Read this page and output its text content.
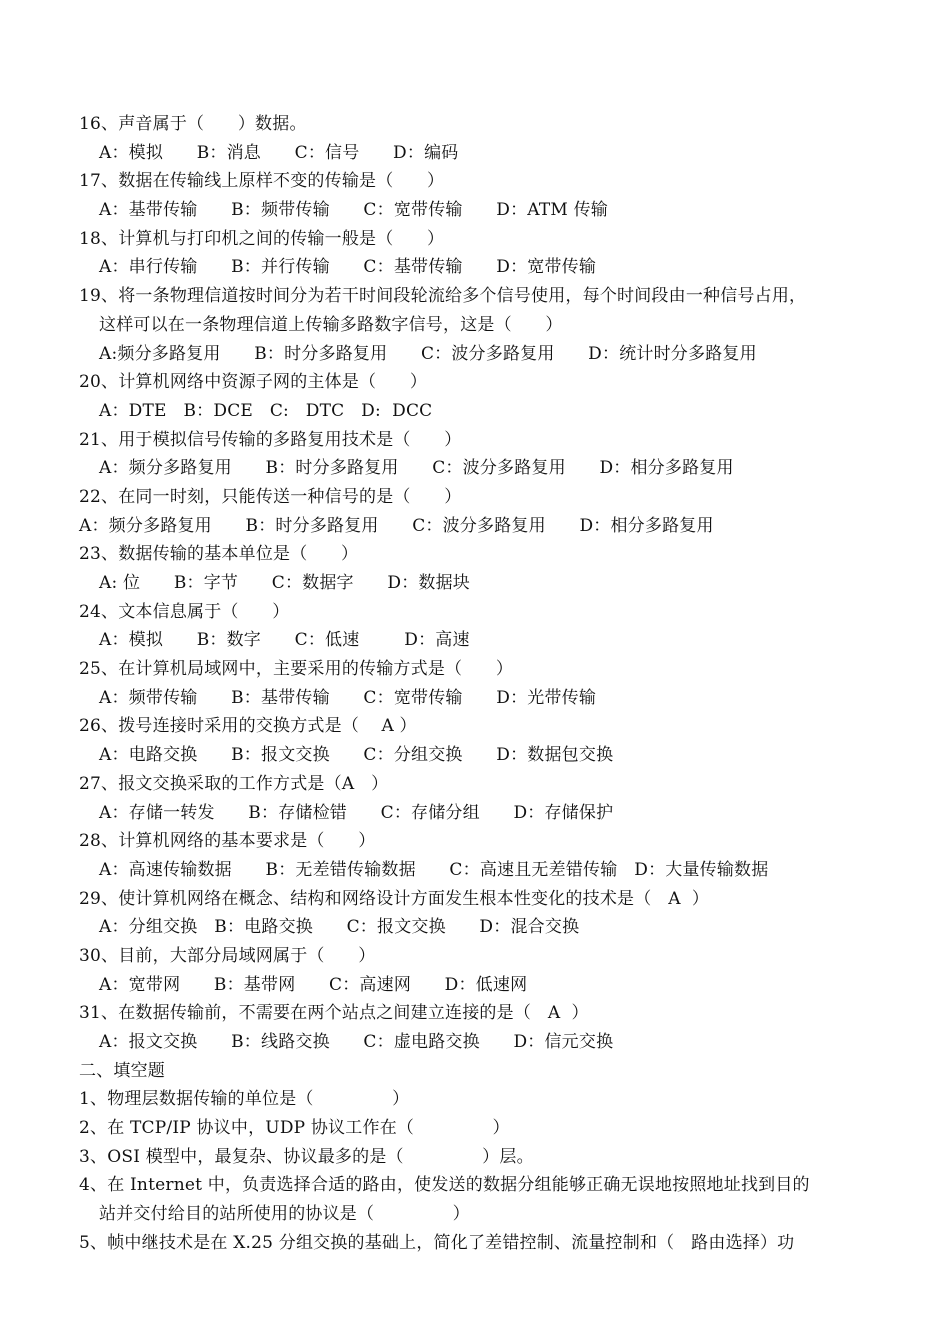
16、声音属于（      ）数据。
A：模拟      B：消息      C：信号      D：编码
17、数据在传输线上原样不变的传输是（      ）
A：基带传输      B：频带传输      C：宽带传输      D：ATM 传输
18、计算机与打印机之间的传输一般是（      ）
A：串行传输      B：并行传输      C：基带传输      D：宽带传输
19、将一条物理信道按时间分为若干时间段轮流给多个信号使用，每个时间段由一种信号占用，
这样可以在一条物理信道上传输多路数字信号，这是（      ）
A:频分多路复用      B：时分多路复用      C：波分多路复用      D：统计时分多路复用
20、计算机网络中资源子网的主体是（      ）
A：DTE   B：DCE   C:   DTC   D:  DCC
21、用于模拟信号传输的多路复用技术是（      ）
A：频分多路复用      B：时分多路复用      C：波分多路复用      D：相分多路复用
22、在同一时刻，只能传送一种信号的是（      ）
A：频分多路复用      B：时分多路复用      C：波分多路复用      D：相分多路复用
23、数据传输的基本单位是（      ）
A: 位      B：字节      C：数据字      D：数据块
24、文本信息属于（      ）
A：模拟      B：数字      C：低速        D：高速
25、在计算机局域网中，主要采用的传输方式是（      ）
A：频带传输      B：基带传输      C：宽带传输      D：光带传输
26、拨号连接时采用的交换方式是（    A ）
A：电路交换      B：报文交换      C：分组交换      D：数据包交换
27、报文交换采取的工作方式是（A   ）
A：存储一转发      B：存储检错      C：存储分组      D：存储保护
28、计算机网络的基本要求是（      ）
A：高速传输数据      B：无差错传输数据      C：高速且无差错传输   D：大量传输数据
29、使计算机网络在概念、结构和网络设计方面发生根本性变化的技术是（   A  ）
A：分组交换   B：电路交换      C：报文交换      D：混合交换
30、目前，大部分局域网属于（      ）
A：宽带网      B：基带网      C：高速网      D：低速网
31、在数据传输前，不需要在两个站点之间建立连接的是（   A  ）
A：报文交换      B：线路交换      C：虚电路交换      D：信元交换
二、填空题
1、物理层数据传输的单位是（              ）
2、在 TCP/IP 协议中，UDP 协议工作在（              ）
3、OSI 模型中，最复杂、协议最多的是（              ）层。
4、在 Internet 中，负责选择合适的路由，使发送的数据分组能够正确无误地按照地址找到目的
站并交付给目的站所使用的协议是（              ）
5、帧中继技术是在 X.25 分组交换的基础上，简化了差错控制、流量控制和（   路由选择）功
